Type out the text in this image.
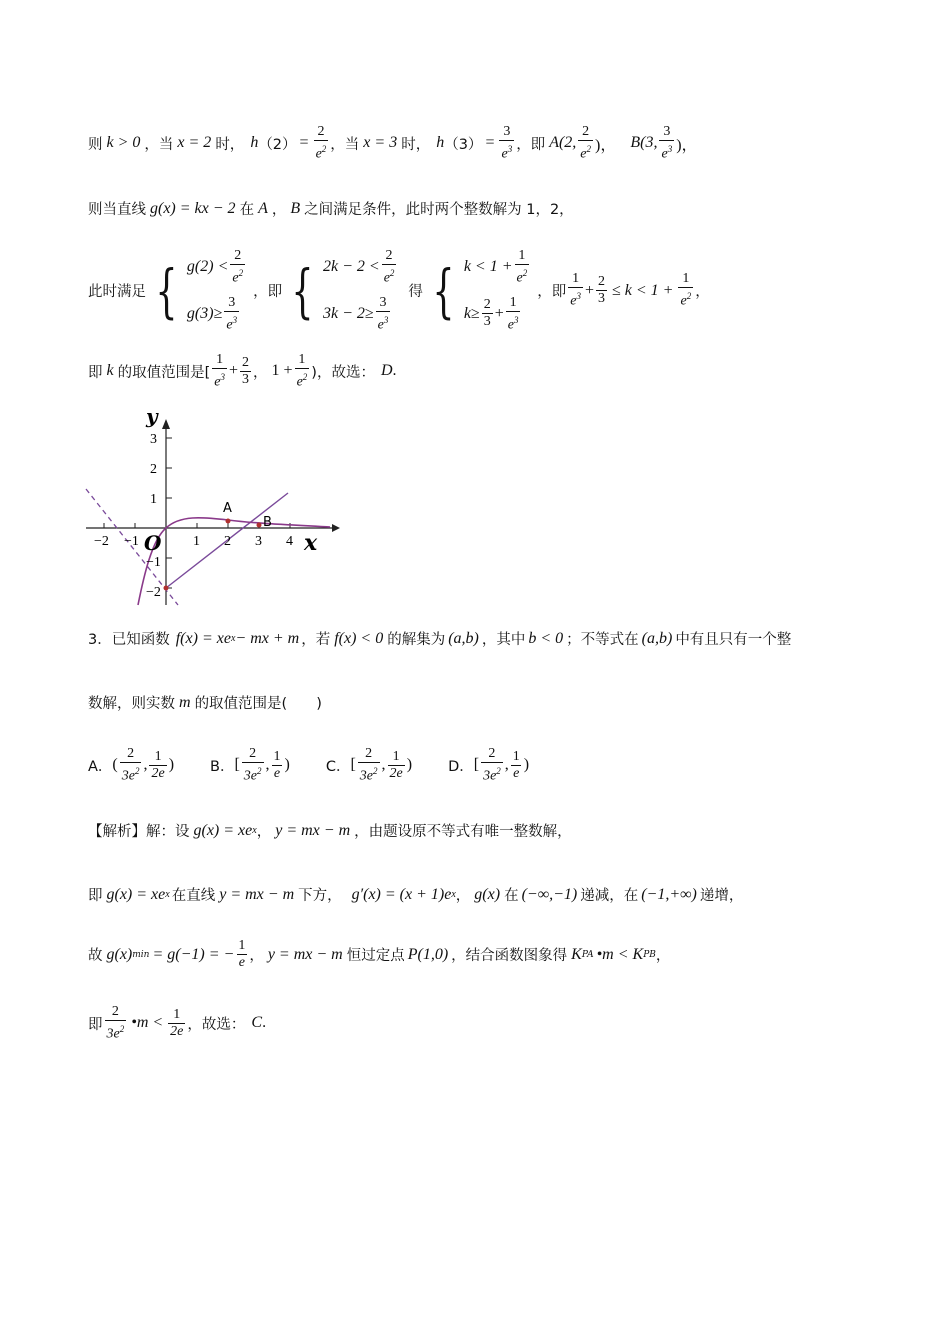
则 k > 0 ，当 x = 2 时， h $(2) = \frac{2}{e^2}$ ，当 x = 3 时， h $(3) = \frac{3}{e^3}$ ，即 A(2, $\frac{2}{e^2}$ )， B(3, $\frac{3}{e^3}$ )，
则当直线 g(x) = kx − 2 在 A ， B 之间满足条件，此时两个整数解为 1，2，
此时满足 { $g(2) < \frac{2}{e^2}$
$g(3)\ge \frac{3}{e^3}$
，即 { $2k - 2 < \frac{2}{e^2}$
$3k - 2\ge \frac{3}{e^3}$
得 { $k < 1 + \frac{1}{e^2}$
$k\ge \frac{2}{3} + \frac{1}{e^3}$
，即 $\frac{1}{e^3} + \frac{2}{3} \le k < 1 + \frac{1}{e^2}$ ，
即 k 的取值范围是[ $\frac{1}{e^3} + \frac{2}{3}$ ， $1 + \frac{1}{e^2}$ )，故选： D .
y
x
O
A
B
3
2
1
−1
−2
−2 −1	1 2 3 4
3．已知函数 f(x) = xe x − mx + m ，若 f(x) < 0 的解集为 (a,b) ，其中 b < 0 ；不等式在 (a,b) 中有且只有一个整
数解，则实数 m 的取值范围是(　　)
A． ( $\frac{2}{3e^2}$ , $\frac{1}{2e}$ ) B． [ $\frac{2}{3e^2}$ , $\frac{1}{e}$ ) C． [ $\frac{2}{3e^2}$ , $\frac{1}{2e}$ ) D． [ $\frac{2}{3e^2}$ , $\frac{1}{e}$ )
【解析】解：设 g(x) = xe x ， y = mx − m ，由题设原不等式有唯一整数解，
即 g(x) = xe x 在直线 y = mx − m 下方， g′(x) = (x + 1)e x ， g(x) 在 (−∞,−1) 递减，在 (−1,+∞) 递增，
故 g(x) min = g(−1) = − $\frac{1}{e}$ ， y = mx − m 恒过定点 P(1,0) ，结合函数图象得 K PA •m < K PB ，
即 $\frac{2}{3e^2}$ •m < $\frac{1}{2e}$ ，故选： C .
